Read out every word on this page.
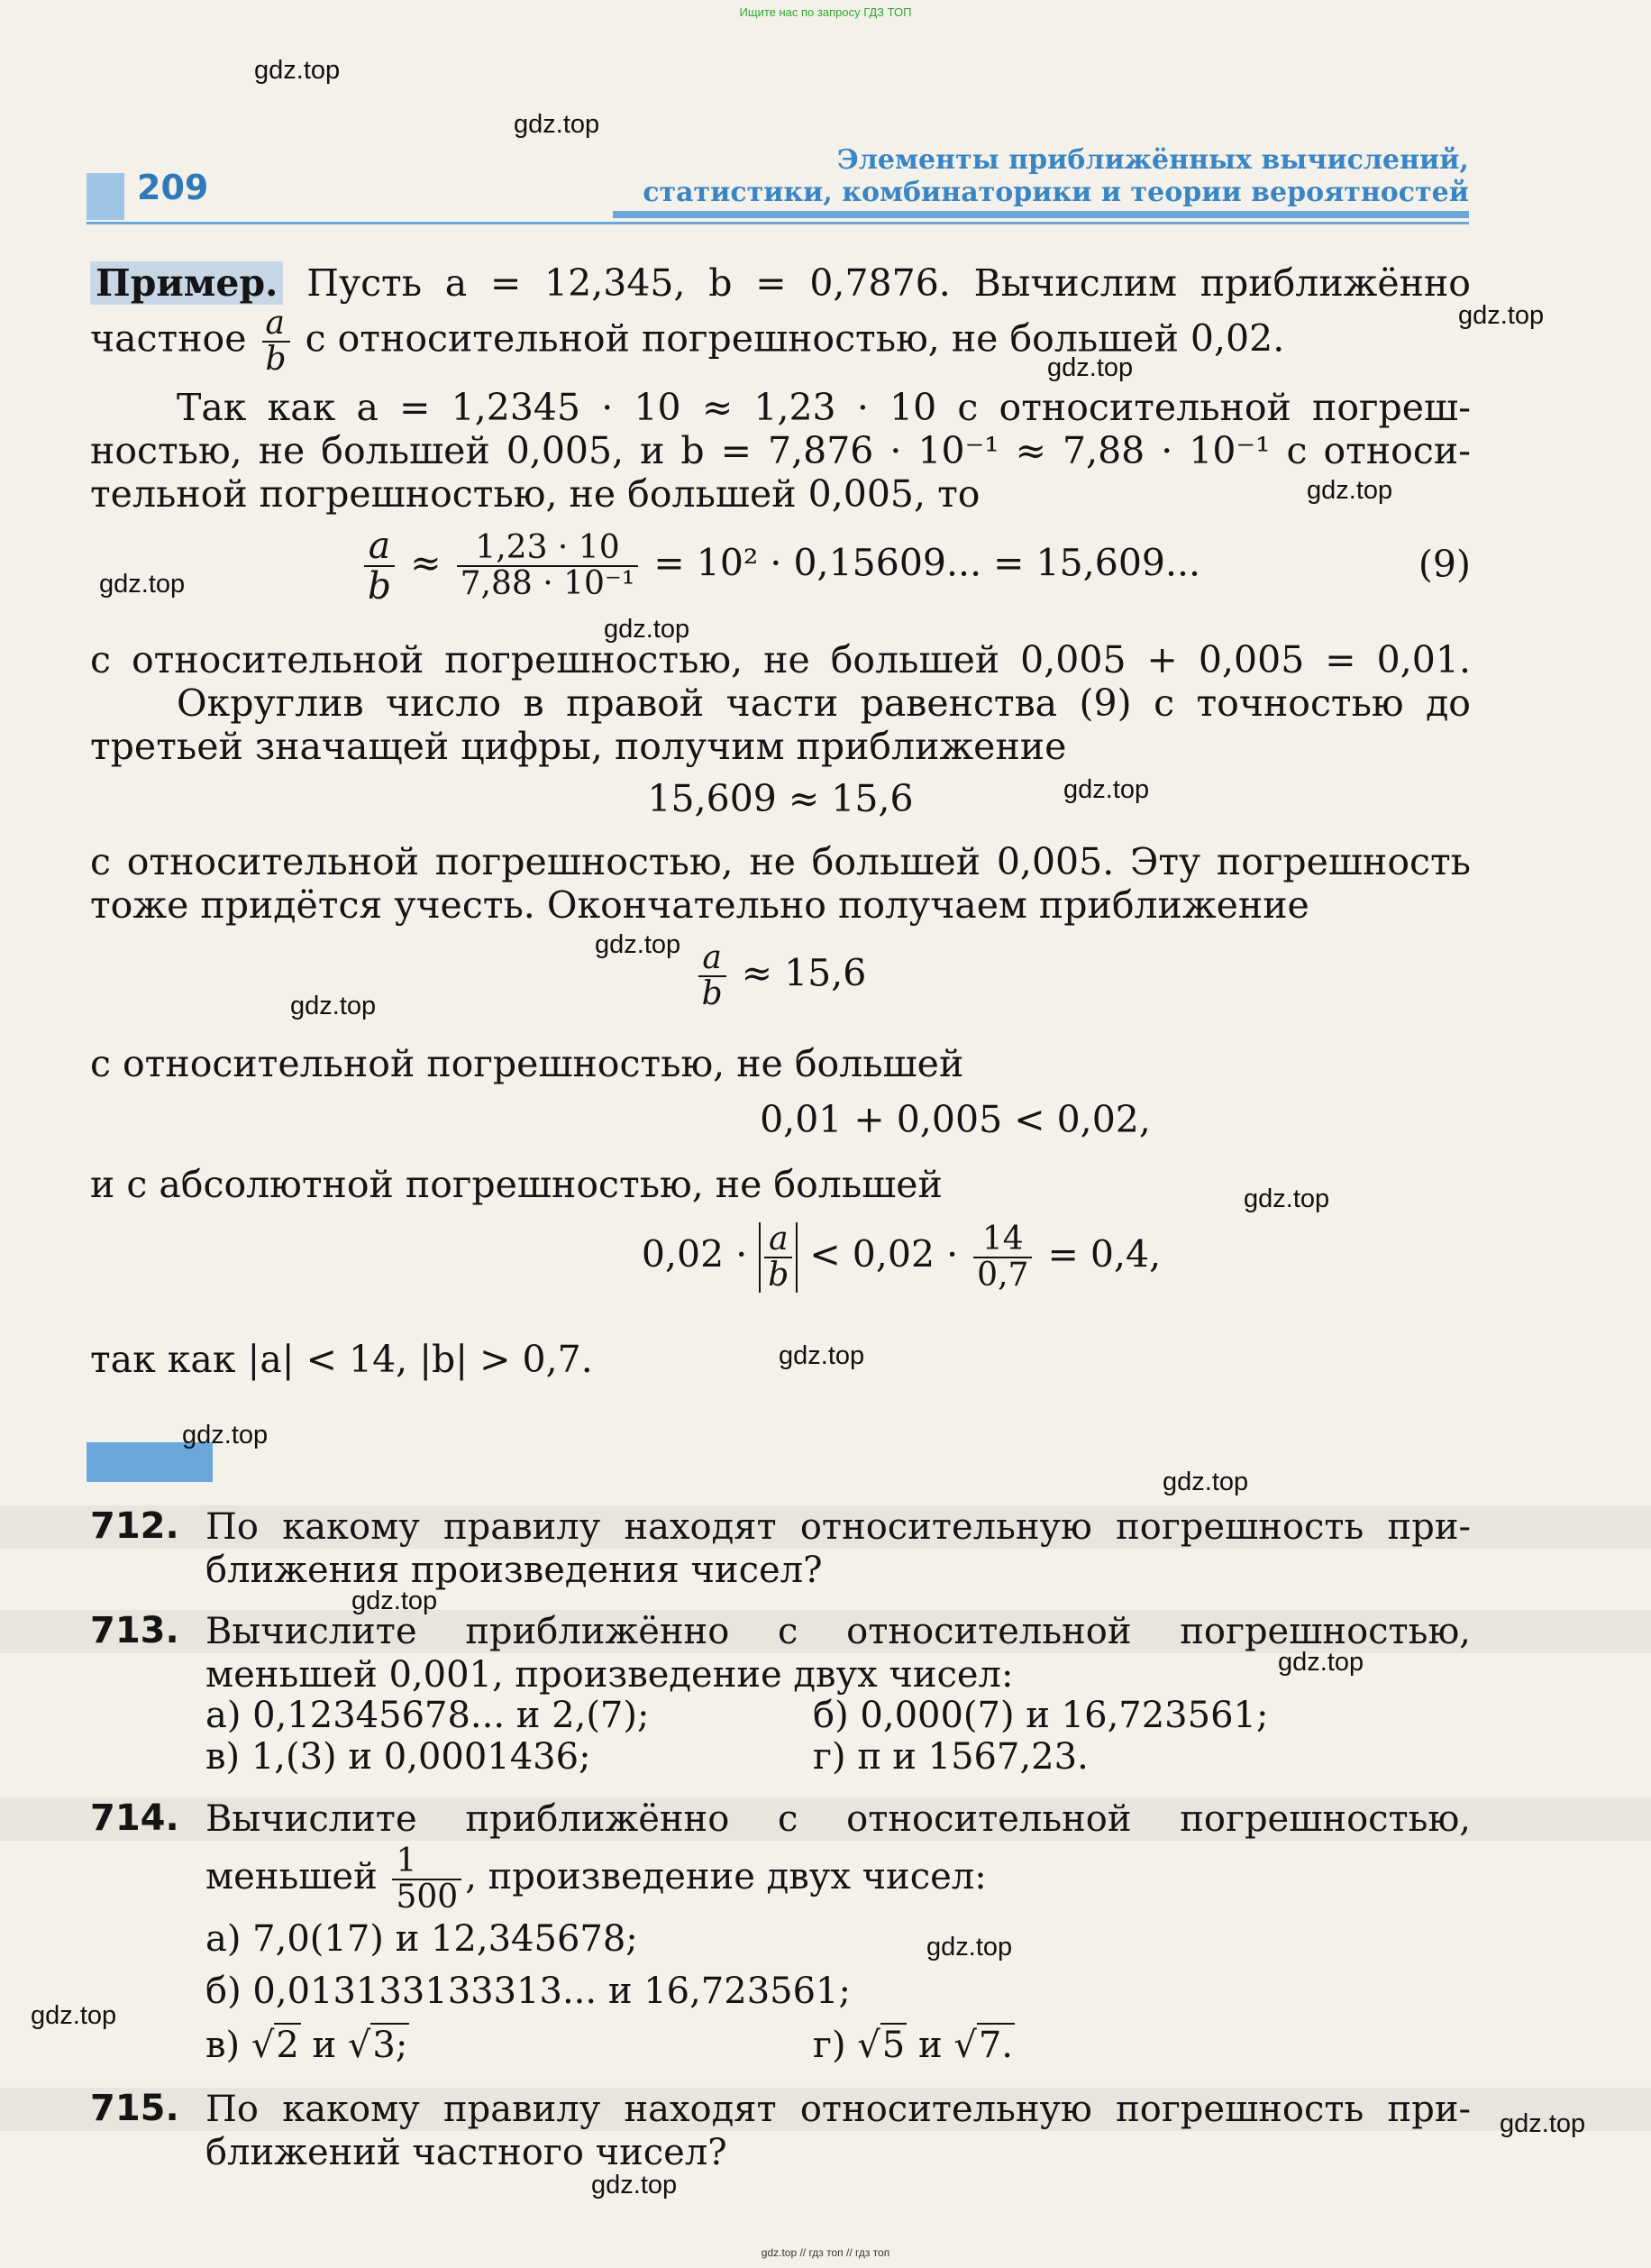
Ищите нас по запросу ГДЗ ТОП
gdz.top // гдз топ // гдз топ
209
Элементы приближённых вычислений,
статистики, комбинаторики и теории вероятностей
Пример. Пусть a = 12,345, b = 0,7876. Вычислим приближённо
частное $\frac{a}{b}$ с относительной погрешностью, не большей 0,02.
Так как a = 1,2345 · 10 ≈ 1,23 · 10 с относительной погреш-
ностью, не большей 0,005, и b = 7,876 · 10⁻¹ ≈ 7,88 · 10⁻¹ с относи-
тельной погрешностью, не большей 0,005, то
$\frac{a}{b} \approx \frac{1,23 \cdot 10}{\text{7,88 · 10⁻¹}} = 10^2 \cdot 0,15609$... = 15,609...	(9)
с относительной погрешностью, не большей 0,005 + 0,005 = 0,01.
Округлив число в правой части равенства (9) с точностью до
третьей значащей цифры, получим приближение
15,609 ≈ 15,6
с относительной погрешностью, не большей 0,005. Эту погрешность
тоже придётся учесть. Окончательно получаем приближение
$\frac{a}{b} \approx 15,6$
с относительной погрешностью, не большей
0,01 + 0,005 < 0,02,
и с абсолютной погрешностью, не большей
$0,02 \cdot \frac{a}{b} < 0,02 \cdot \frac{14}{0,7} = 0,4$,
так как |a| < 14, |b| > 0,7.
712. По какому правилу находят относительную погрешность при-
ближения произведения чисел?
713. Вычислите приближённо с относительной погрешностью,
меньшей 0,001, произведение двух чисел:
а) 0,12345678... и 2,(7);	б) 0,000(7) и 16,723561;
в) 1,(3) и 0,0001436;	г) π и 1567,23.
714. Вычислите приближённо с относительной погрешностью,
меньшей $\frac{1}{500}$ , произведение двух чисел:
а) 7,0(17) и 12,345678;
б) 0,013133133313... и 16,723561;
в) √2 и √3;	г) √5 и √7.
715. По какому правилу находят относительную погрешность при-
ближений частного чисел?
gdz.top
gdz.top
gdz.top
gdz.top
gdz.top
gdz.top
gdz.top
gdz.top
gdz.top
gdz.top
gdz.top
gdz.top
gdz.top
gdz.top
gdz.top
gdz.top
gdz.top
gdz.top
gdz.top
gdz.top
